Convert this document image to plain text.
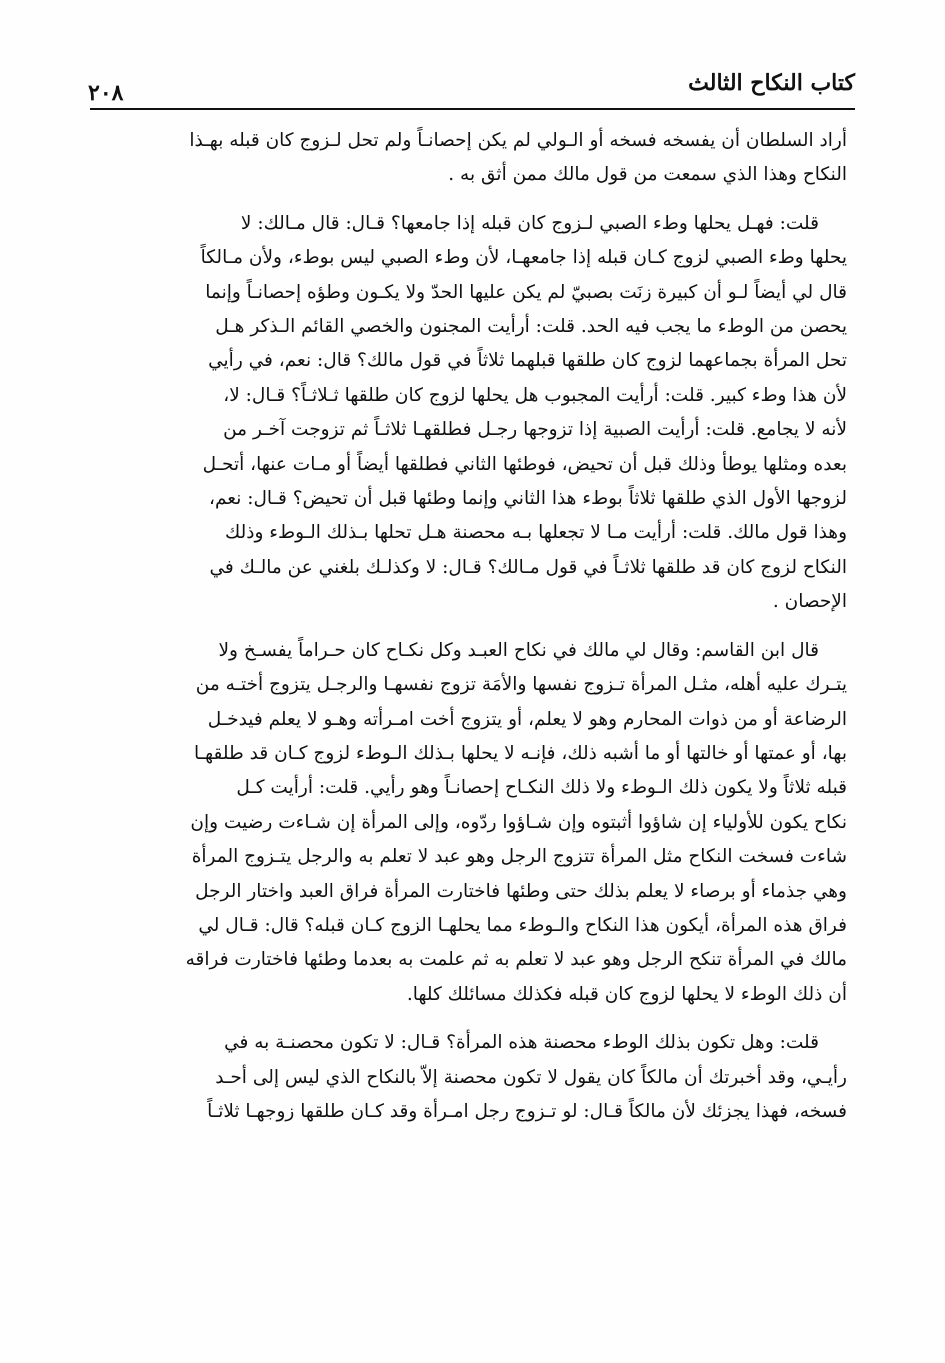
كتاب النكاح الثالث
٢٠٨
أراد السلطان أن يفسخه فسخه أو الـولي لم يكن إحصانـاً ولم تحل لـزوج كان قبله بهـذا
النكاح وهذا الذي سمعت من قول مالك ممن أثق به .
قلت: فهـل يحلها وطء الصبي لـزوج كان قبله إذا جامعها؟ قـال: قال مـالك: لا
يحلها وطء الصبي لزوج كـان قبله إذا جامعهـا، لأن وطء الصبي ليس بوطء، ولأن مـالكاً
قال لي أيضاً لـو أن كبيرة زنَت بصبيّ لم يكن عليها الحدّ ولا يكـون وطؤه إحصانـاً وإنما
يحصن من الوطء ما يجب فيه الحد. قلت: أرأيت المجنون والخصي القائم الـذكر هـل
تحل المرأة بجماعهما لزوج كان طلقها قبلهما ثلاثاً في قول مالك؟ قال: نعم، في رأيي
لأن هذا وطء كبير. قلت: أرأيت المجبوب هل يحلها لزوج كان طلقها ثـلاثـاً؟ قـال: لا،
لأنه لا يجامع. قلت: أرأيت الصبية إذا تزوجها رجـل فطلقهـا ثلاثـاً ثم تزوجت آخـر من
بعده ومثلها يوطأ وذلك قبل أن تحيض، فوطئها الثاني فطلقها أيضاً أو مـات عنها، أتحـل
لزوجها الأول الذي طلقها ثلاثاً بوطء هذا الثاني وإنما وطئها قبل أن تحيض؟ قـال: نعم،
وهذا قول مالك. قلت: أرأيت مـا لا تجعلها بـه محصنة هـل تحلها بـذلك الـوطء وذلك
النكاح لزوج كان قد طلقها ثلاثـاً في قول مـالك؟ قـال: لا وكذلـك بلغني عن مالـك في
الإحصان .
قال ابن القاسم: وقال لي مالك في نكاح العبـد وكل نكـاح كان حـراماً يفسـخ ولا
يتـرك عليه أهله، مثـل المرأة تـزوج نفسها والأمَة تزوج نفسهـا والرجـل يتزوج أختـه من
الرضاعة أو من ذوات المحارم وهو لا يعلم، أو يتزوج أخت امـرأته وهـو لا يعلم فيدخـل
بها، أو عمتها أو خالتها أو ما أشبه ذلك، فإنـه لا يحلها بـذلك الـوطء لزوج كـان قد طلقهـا
قبله ثلاثاً ولا يكون ذلك الـوطء ولا ذلك النكـاح إحصانـاً وهو رأيي. قلت: أرأيت كـل
نكاح يكون للأولياء إن شاؤوا أثبتوه وإن شـاؤوا ردّوه، وإلى المرأة إن شـاءت رضيت وإن
شاءت فسخت النكاح مثل المرأة تتزوج الرجل وهو عبد لا تعلم به والرجل يتـزوج المرأة
وهي جذماء أو برصاء لا يعلم بذلك حتى وطئها فاختارت المرأة فراق العبد واختار الرجل
فراق هذه المرأة، أيكون هذا النكاح والـوطء مما يحلهـا الزوج كـان قبله؟ قال: قـال لي
مالك في المرأة تنكح الرجل وهو عبد لا تعلم به ثم علمت به بعدما وطئها فاختارت فراقه
أن ذلك الوطء لا يحلها لزوج كان قبله فكذلك مسائلك كلها.
قلت: وهل تكون بذلك الوطء محصنة هذه المرأة؟ قـال: لا تكون محصنـة به في
رأيـي، وقد أخبرتك أن مالكاً كان يقول لا تكون محصنة إلاّ بالنكاح الذي ليس إلى أحـد
فسخه، فهذا يجزئك لأن مالكاً قـال: لو تـزوج رجل امـرأة وقد كـان طلقها زوجهـا ثلاثـاً
